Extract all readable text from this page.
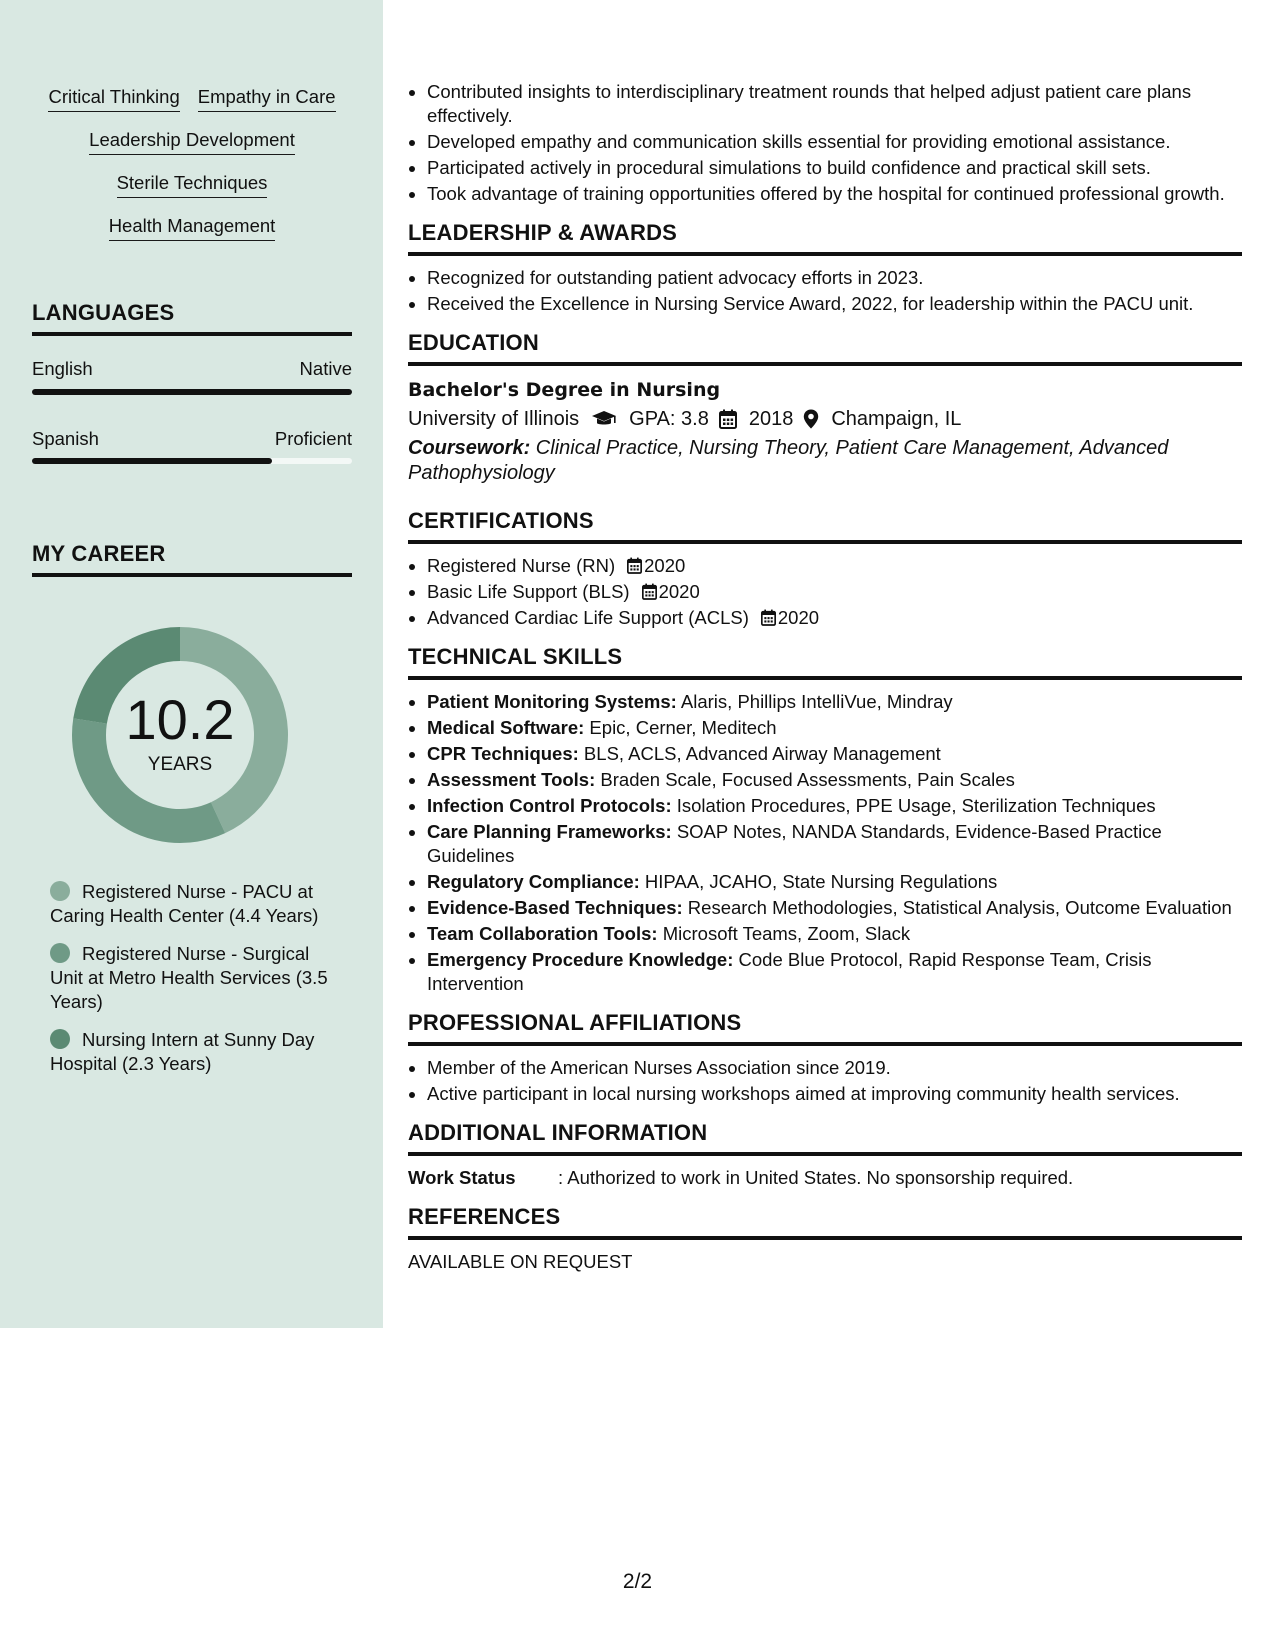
Critical Thinking Empathy in Care
Leadership Development
Sterile Techniques
Health Management
LANGUAGES
English	Native
Spanish	Proficient
MY CAREER
10.2
YEARS
Registered Nurse - PACU at Caring Health Center (4.4 Years)
Registered Nurse - Surgical Unit at Metro Health Services (3.5 Years)
Nursing Intern at Sunny Day Hospital (2.3 Years)
• Contributed insights to interdisciplinary treatment rounds that helped adjust patient care plans effectively.
• Developed empathy and communication skills essential for providing emotional assistance.
• Participated actively in procedural simulations to build confidence and practical skill sets.
• Took advantage of training opportunities offered by the hospital for continued professional growth.
LEADERSHIP & AWARDS
• Recognized for outstanding patient advocacy efforts in 2023.
• Received the Excellence in Nursing Service Award, 2022, for leadership within the PACU unit.
EDUCATION
Bachelor's Degree in Nursing
University of Illinois	GPA: 3.8 2018 Champaign, IL
Coursework: Clinical Practice, Nursing Theory, Patient Care Management, Advanced Pathophysiology
CERTIFICATIONS
• Registered Nurse (RN) 2020
• Basic Life Support (BLS) 2020
• Advanced Cardiac Life Support (ACLS) 2020
TECHNICAL SKILLS
• Patient Monitoring Systems: Alaris, Phillips IntelliVue, Mindray
• Medical Software: Epic, Cerner, Meditech
• CPR Techniques: BLS, ACLS, Advanced Airway Management
• Assessment Tools: Braden Scale, Focused Assessments, Pain Scales
• Infection Control Protocols: Isolation Procedures, PPE Usage, Sterilization Techniques
• Care Planning Frameworks: SOAP Notes, NANDA Standards, Evidence-Based Practice Guidelines
• Regulatory Compliance: HIPAA, JCAHO, State Nursing Regulations
• Evidence-Based Techniques: Research Methodologies, Statistical Analysis, Outcome Evaluation
• Team Collaboration Tools: Microsoft Teams, Zoom, Slack
• Emergency Procedure Knowledge: Code Blue Protocol, Rapid Response Team, Crisis Intervention
PROFESSIONAL AFFILIATIONS
• Member of the American Nurses Association since 2019.
• Active participant in local nursing workshops aimed at improving community health services.
ADDITIONAL INFORMATION
Work Status	: Authorized to work in United States. No sponsorship required.
REFERENCES
AVAILABLE ON REQUEST
2/2
